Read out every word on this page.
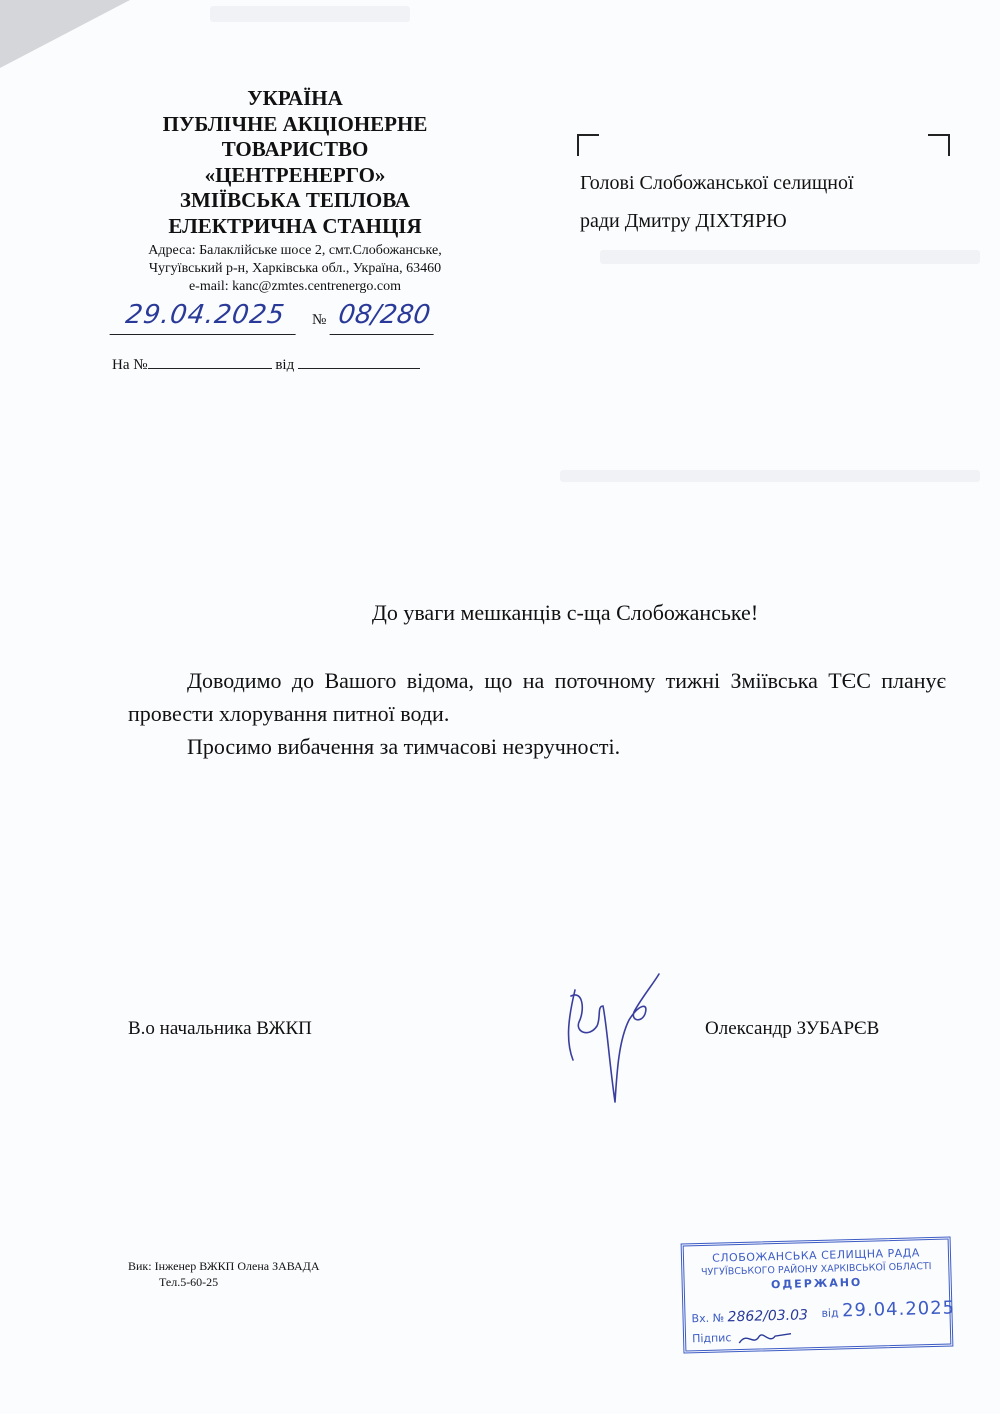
УКРАЇНА
ПУБЛІЧНЕ АКЦІОНЕРНЕ
ТОВАРИСТВО
«ЦЕНТРЕНЕРГО»
ЗМІЇВСЬКА ТЕПЛОВА
ЕЛЕКТРИЧНА СТАНЦІЯ
Адреса: Балаклійське шосе 2, смт.Слобожанське,
Чугуївський р-н, Харківська обл., Україна, 63460
e-mail: kanc@zmtes.centrenergo.com
29.04.2025	№ 08/280
На №	від
Голові Слобожанської селищної
ради Дмитру ДІХТЯРЮ
До уваги мешканців с-ща Слобожанське!

Доводимо до Вашого відома, що на поточному тижні Зміївська ТЄС планує провести хлорування питної води.

Просимо вибачення за тимчасові незручності.

В.о начальника ВЖКП	Олександр ЗУБАРЄВ
Вик: Інженер ВЖКП Олена ЗАВАДА
Тел.5-60-25
СЛОБОЖАНСЬКА СЕЛИЩНА РАДА
ЧУГУЇВСЬКОГО РАЙОНУ ХАРКІВСЬКОЇ ОБЛАСТІ
ОДЕРЖАНО
Вх. № 2862/03.03 від 29.04.2025
Підпис
